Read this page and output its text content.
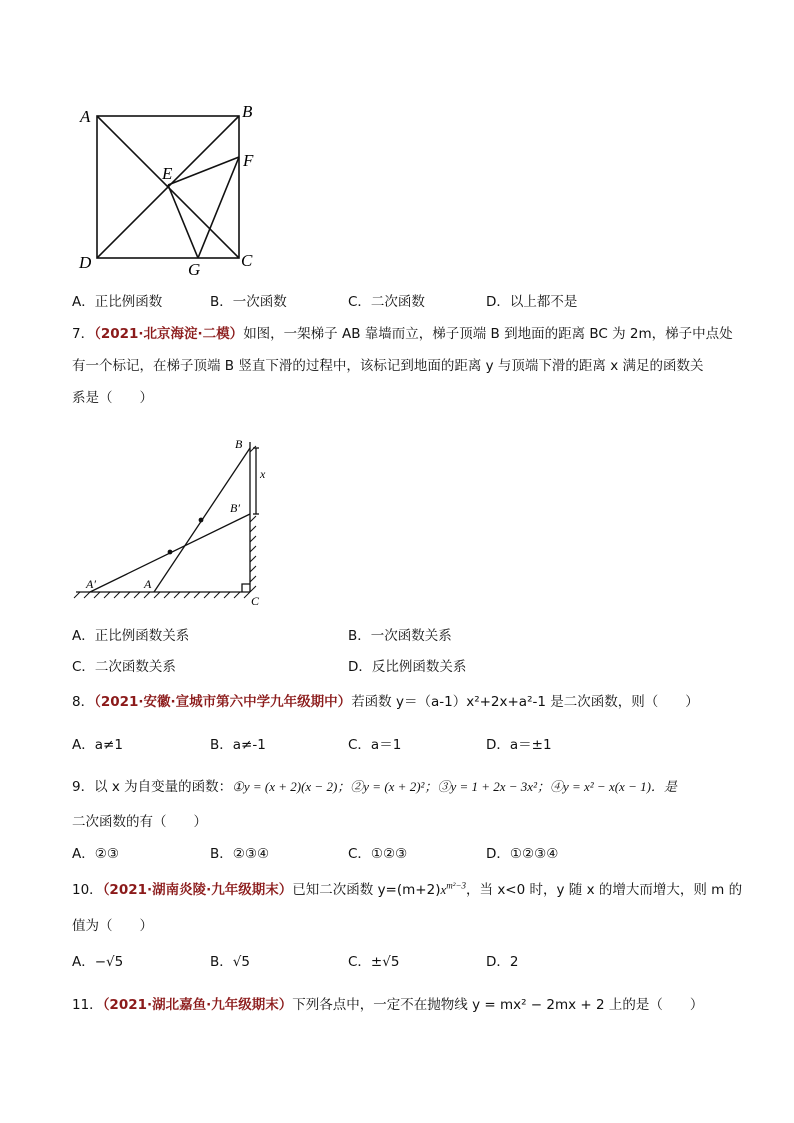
A	B
C
D
E
F
G
A．正比例函数	B．一次函数	C．二次函数	D．以上都不是
7．（2021·北京海淀·二模）如图，一架梯子 AB 靠墙而立，梯子顶端 B 到地面的距离 BC 为 2m，梯子中点处
有一个标记，在梯子顶端 B 竖直下滑的过程中，该标记到地面的距离 y 与顶端下滑的距离 x 满足的函数关
系是（　　）
B
B′
x
A′	A
C
A．正比例函数关系	B．一次函数关系
C．二次函数关系	D．反比例函数关系
8．（2021·安徽·宣城市第六中学九年级期中）若函数 y＝（a-1）x²+2x+a²-1 是二次函数，则（　　）
A．a≠1	B．a≠-1	C．a＝1	D．a＝±1
9．以 x 为自变量的函数：①y = (x + 2)(x − 2)；②y = (x + 2)²；③y = 1 + 2x − 3x²；④y = x² − x(x − 1)．是
二次函数的有（　　）
A．②③	B．②③④	C．①②③	D．①②③④
10．（2021·湖南炎陵·九年级期末）已知二次函数 $y=(m+2)x^{m^2-3}$，当 x<0 时，y 随 x 的增大而增大，则 m 的
值为（　　）
A．−√5	B．√5	C．±√5	D．2
11．（2021·湖北嘉鱼·九年级期末）下列各点中，一定不在抛物线 y = mx² − 2mx + 2 上的是（　　）
